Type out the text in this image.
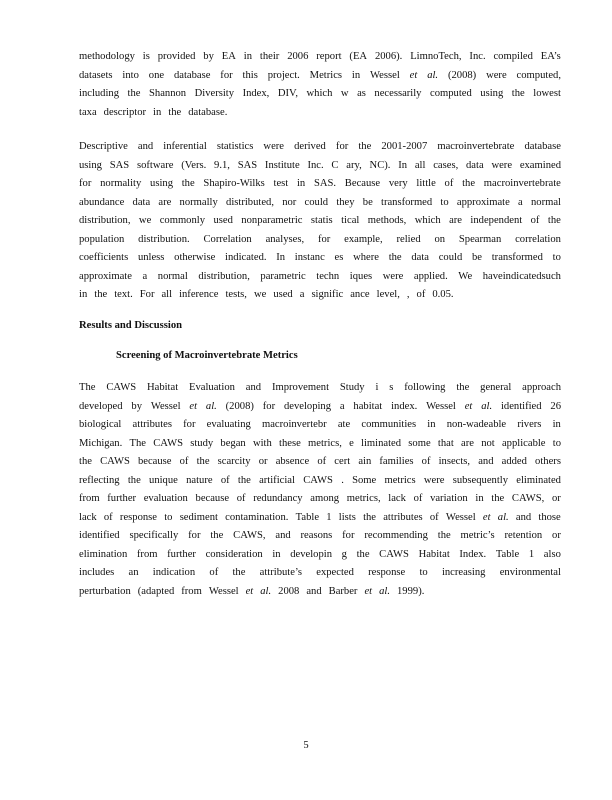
methodology is provided by EA in their 2006 report (EA 2006). LimnoTech, Inc. compiled EA’s
datasets into one database for this project. Metrics in Wessel et al. (2008) were computed,
including the Shannon Diversity Index, DIV, which w as necessarily computed using the lowest
taxa descriptor in the database.
Descriptive and inferential statistics were derived for the 2001-2007 macroinvertebrate database
using SAS software (Vers. 9.1, SAS Institute Inc. C ary, NC). In all cases, data were examined
for normality using the Shapiro-Wilks test in SAS. Because very little of the macroinvertebrate
abundance data are normally distributed, nor could they be transformed to approximate a normal
distribution, we commonly used nonparametric statis tical methods, which are independent of the
population distribution. Correlation analyses, for example, relied on Spearman correlation
coefficients unless otherwise indicated. In instanc es where the data could be transformed to
approximate a normal distribution, parametric techn iques were applied. We haveindicatedsuch
in the text. For all inference tests, we used a signific ance level, , of 0.05.
Results and Discussion
Screening of Macroinvertebrate Metrics
The CAWS Habitat Evaluation and Improvement Study i s following the general approach
developed by Wessel et al. (2008) for developing a habitat index. Wessel et al. identified 26
biological attributes for evaluating macroinvertebr ate communities in non-wadeable rivers in
Michigan. The CAWS study began with these metrics, e liminated some that are not applicable to
the CAWS because of the scarcity or absence of cert ain families of insects, and added others
reflecting the unique nature of the artificial CAWS . Some metrics were subsequently eliminated
from further evaluation because of redundancy among metrics, lack of variation in the CAWS, or
lack of response to sediment contamination. Table 1 lists the attributes of Wessel et al. and those
identified specifically for the CAWS, and reasons for recommending the metric’s retention or
elimination from further consideration in developin g the CAWS Habitat Index. Table 1 also
includes an indication of the attribute’s expected response to increasing environmental
perturbation (adapted from Wessel et al. 2008 and Barber et al. 1999).
5
